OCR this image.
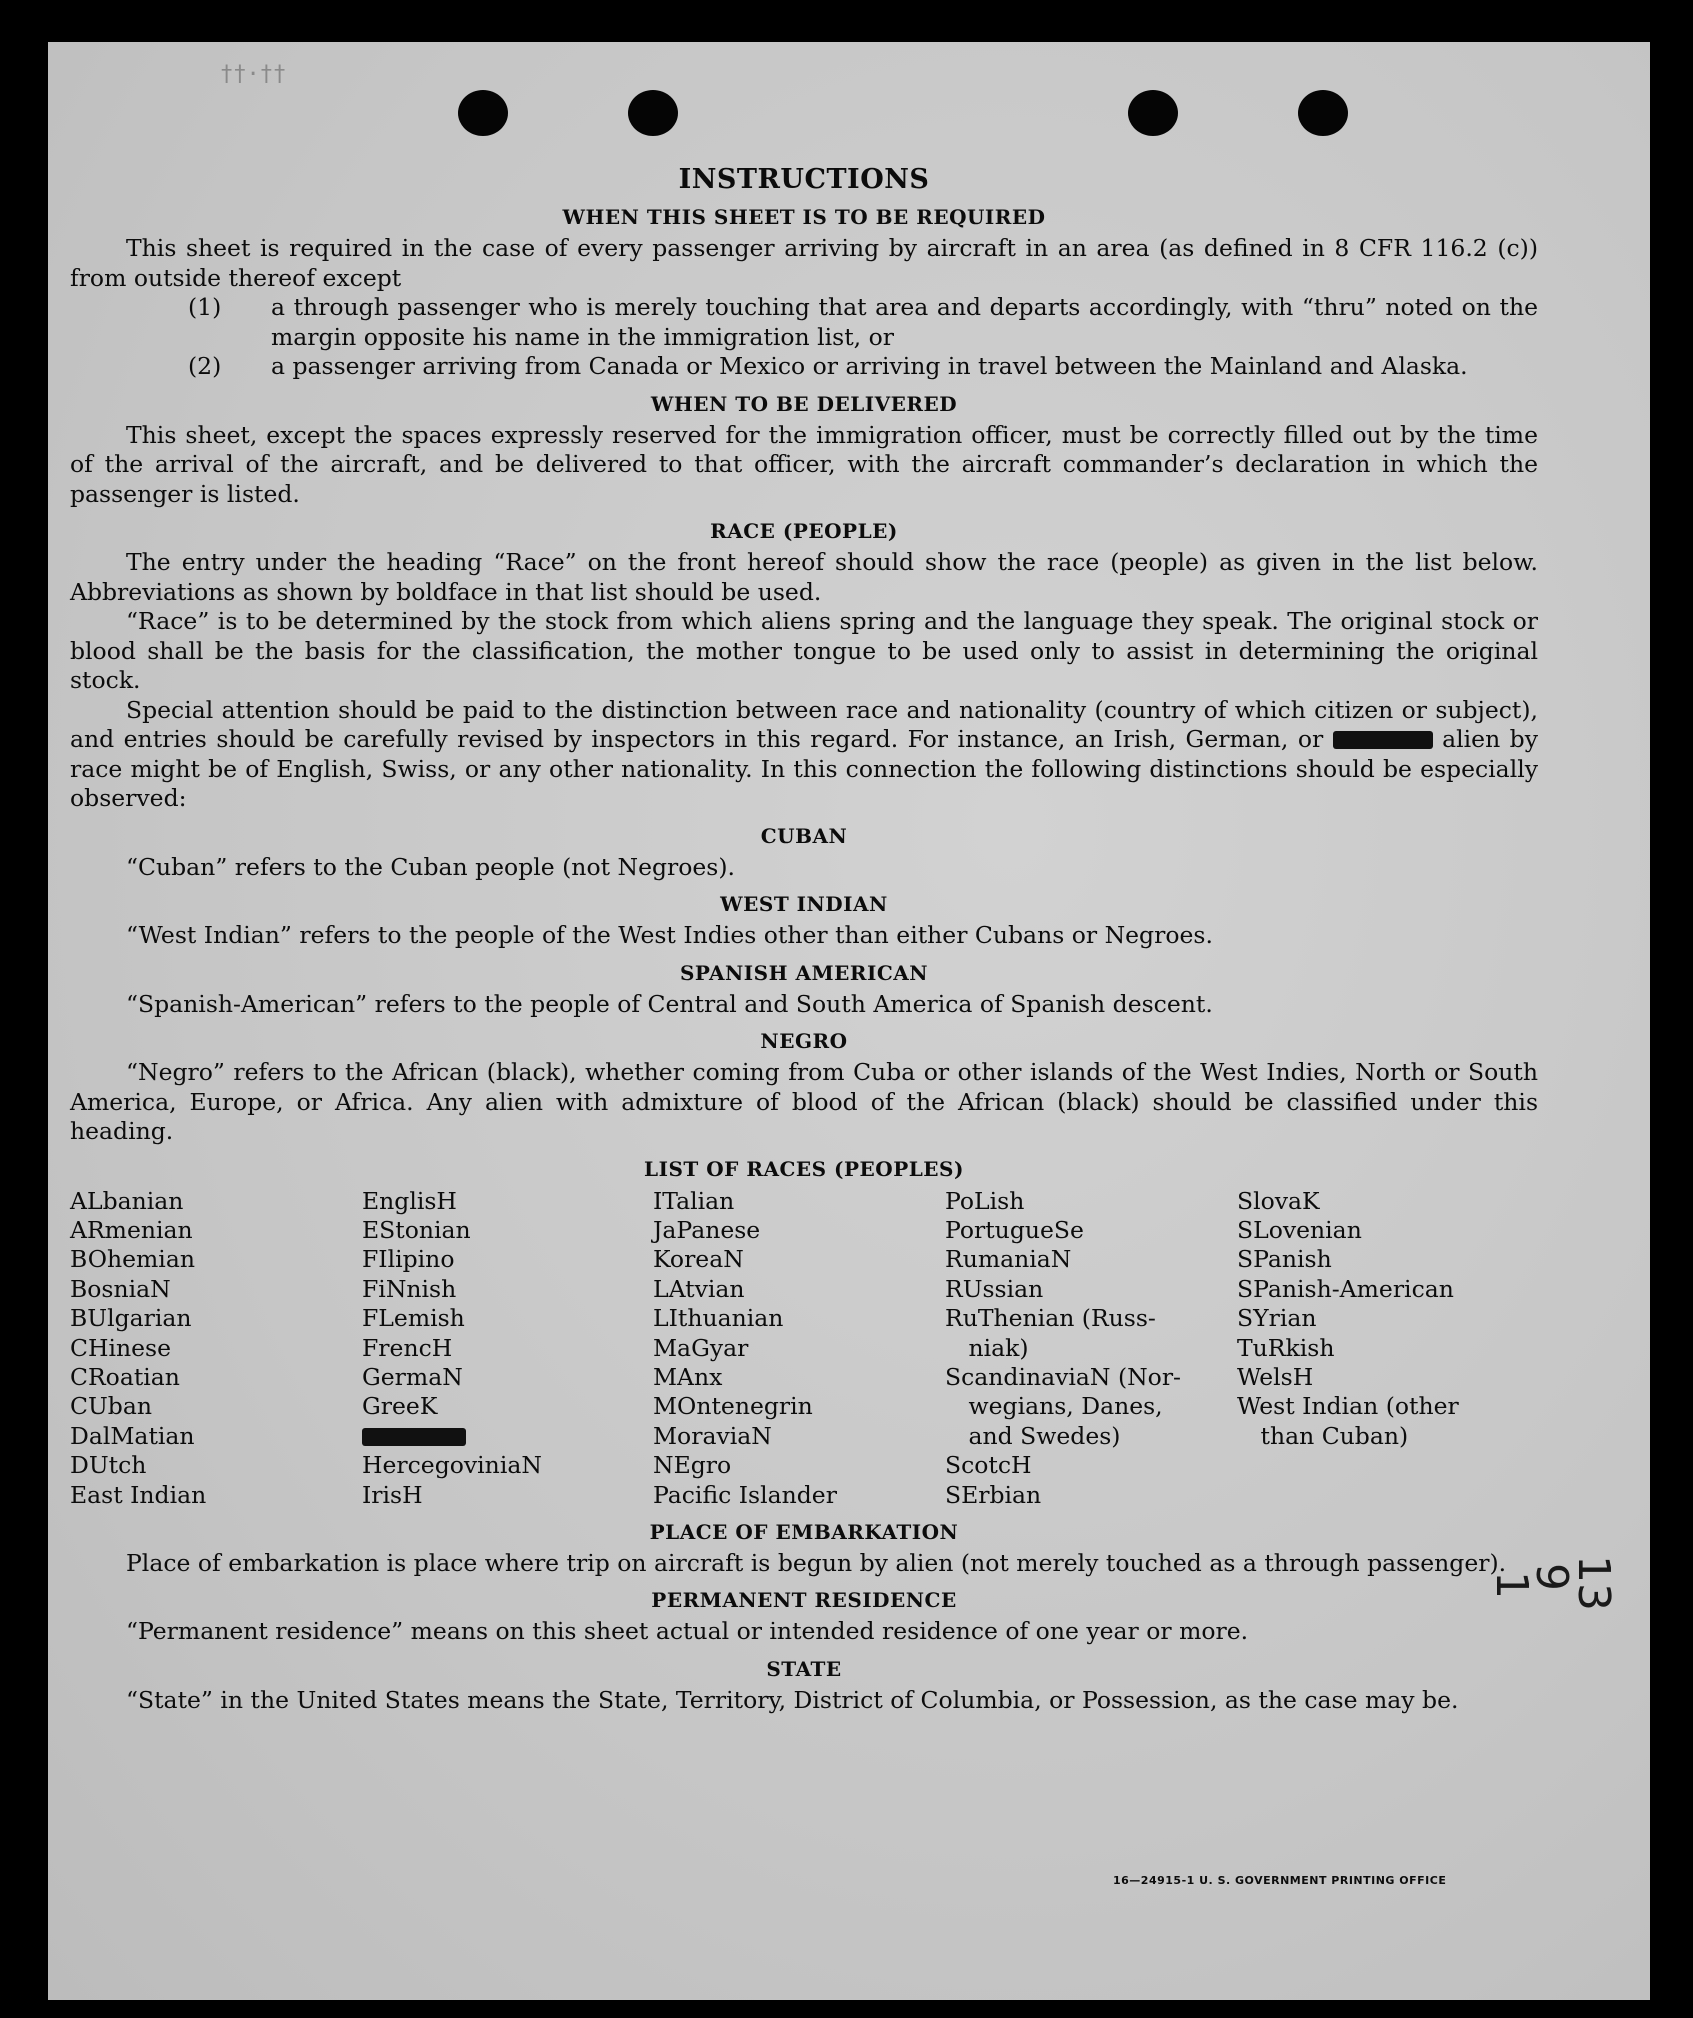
††·††
INSTRUCTIONS
WHEN THIS SHEET IS TO BE REQUIRED

This sheet is required in the case of every passenger arriving by aircraft in an area (as defined in 8 CFR 116.2 (c)) from outside thereof except

(1) a through passenger who is merely touching that area and departs accordingly, with “thru” noted on the margin opposite his name in the immigration list, or

(2) a passenger arriving from Canada or Mexico or arriving in travel between the Mainland and Alaska.

WHEN TO BE DELIVERED

This sheet, except the spaces expressly reserved for the immigration officer, must be correctly filled out by the time of the arrival of the aircraft, and be delivered to that officer, with the aircraft commander’s declaration in which the passenger is listed.

RACE (PEOPLE)

The entry under the heading “Race” on the front hereof should show the race (people) as given in the list below. Abbreviations as shown by boldface in that list should be used.

“Race” is to be determined by the stock from which aliens spring and the language they speak. The original stock or blood shall be the basis for the classification, the mother tongue to be used only to assist in determining the original stock.

Special attention should be paid to the distinction between race and nationality (country of which citizen or subject), and entries should be carefully revised by inspectors in this regard. For instance, an Irish, German, or	alien by race might be of English, Swiss, or any other nationality. In this connection the following distinctions should be especially observed:

CUBAN

“Cuban” refers to the Cuban people (not Negroes).

WEST INDIAN

“West Indian” refers to the people of the West Indies other than either Cubans or Negroes.

SPANISH AMERICAN

“Spanish-American” refers to the people of Central and South America of Spanish descent.

NEGRO

“Negro” refers to the African (black), whether coming from Cuba or other islands of the West Indies, North or South America, Europe, or Africa. Any alien with admixture of blood of the African (black) should be classified under this heading.

LIST OF RACES (PEOPLES)
ALbanian
ARmenian
BOhemian
BosniaN
BUlgarian
CHinese
CRoatian
CUban
DalMatian
DUtch
East Indian
EnglisH
EStonian
FIlipino
FiNnish
FLemish
FrencH
GermaN
GreeK
HercegoviniaN
IrisH
ITalian
JaPanese
KoreaN
LAtvian
LIthuanian
MaGyar
MAnx
MOntenegrin
MoraviaN
NEgro
Pacific Islander
PoLish
PortugueSe
RumaniaN
RUssian
RuThenian (Russ-
 niak)
ScandinaviaN (Nor-
 wegians, Danes,
 and Swedes)
ScotcH
SErbian
SlovaK
SLovenian
SPanish
SPanish-American
SYrian
TuRkish
WelsH
West Indian (other
 than Cuban)
PLACE OF EMBARKATION

Place of embarkation is place where trip on aircraft is begun by alien (not merely touched as a through passenger).

PERMANENT RESIDENCE

“Permanent residence” means on this sheet actual or intended residence of one year or more.

STATE

“State” in the United States means the State, Territory, District of Columbia, or Possession, as the case may be.

16—24915-1 U. S. GOVERNMENT PRINTING OFFICE
13
9
1
